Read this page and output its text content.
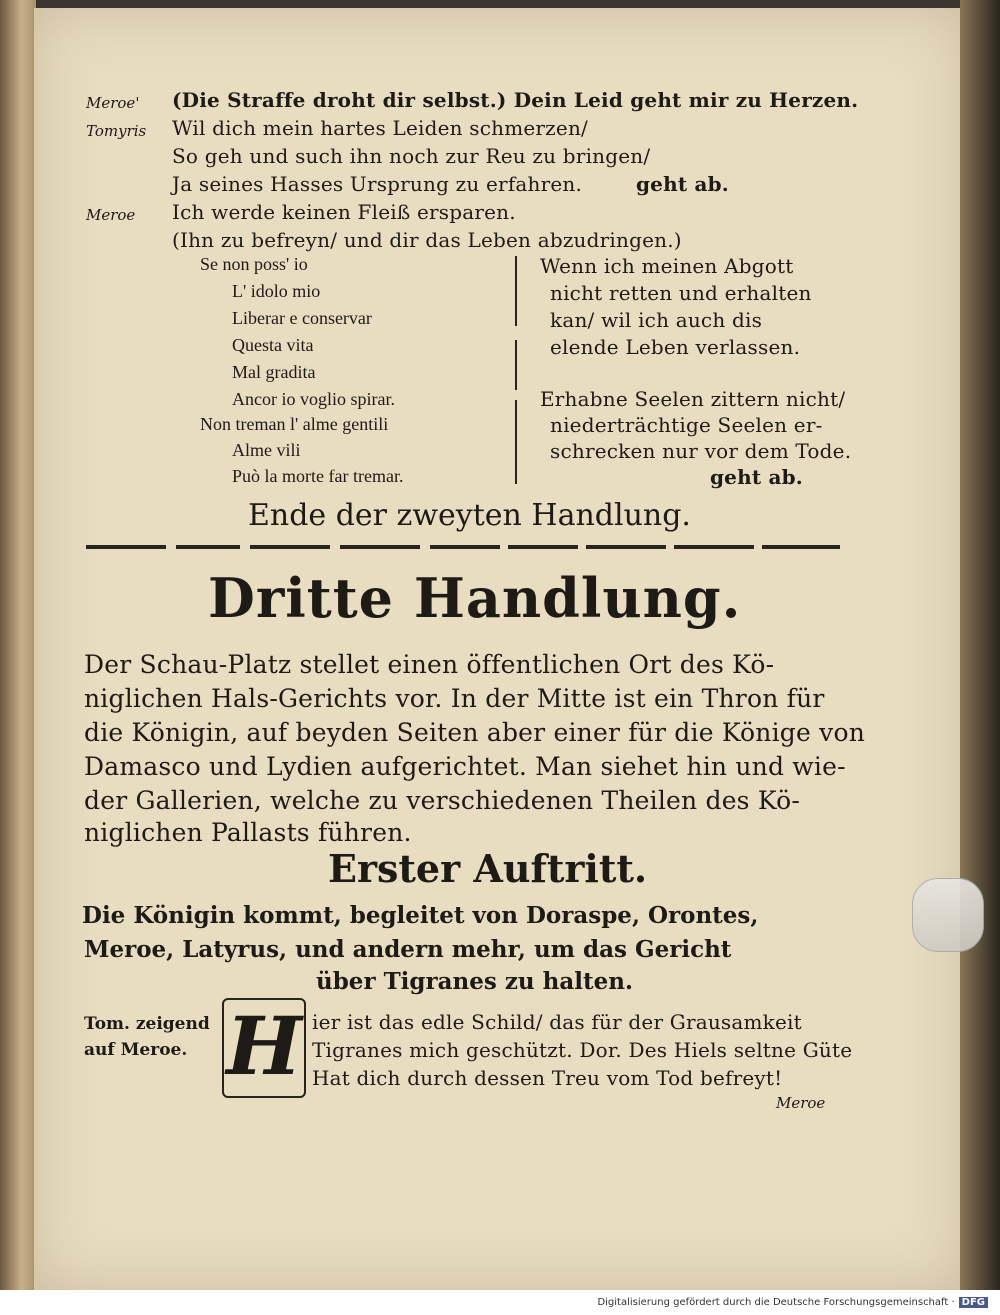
Meroe' (Die Straffe droht dir selbst.) Dein Leid geht mir zu Herzen.
Tomyris Wil dich mein hartes Leiden schmerzen/
So geh und such ihn noch zur Reu zu bringen/
Ja seines Hasses Ursprung zu erfahren.	geht ab.
Meroe Ich werde keinen Fleiß ersparen.
(Ihn zu befreyn/ und dir das Leben abzudringen.)
Se non poss' io
L' idolo mio
Liberar e conservar
Questa vita
Mal gradita
Ancor io voglio spirar.
Non treman l' alme gentili
Alme vili
Può la morte far tremar.
Wenn ich meinen Abgott
nicht retten und erhalten
kan/ wil ich auch dis
elende Leben verlassen.
Erhabne Seelen zittern nicht/
niederträchtige Seelen er-
schrecken nur vor dem Tode.
geht ab.
Ende der zweyten Handlung.
Dritte Handlung.
Der Schau-Platz stellet einen öffentlichen Ort des Kö-
niglichen Hals-Gerichts vor. In der Mitte ist ein Thron für
die Königin, auf beyden Seiten aber einer für die Könige von
Damasco und Lydien aufgerichtet. Man siehet hin und wie-
der Gallerien, welche zu verschiedenen Theilen des Kö-
niglichen Pallasts führen.
Erster Auftritt.
Die Königin kommt, begleitet von Doraspe, Orontes,
Meroe, Latyrus, und andern mehr, um das Gericht
über Tigranes zu halten.
Tom. zeigend
auf Meroe. H ier ist das edle Schild/ das für der Grausamkeit
Tigranes mich geschützt. Dor. Des Hiels seltne Güte
Hat dich durch dessen Treu vom Tod befreyt!
Meroe
Digitalisierung gefördert durch die Deutsche Forschungsgemeinschaft · DFG
